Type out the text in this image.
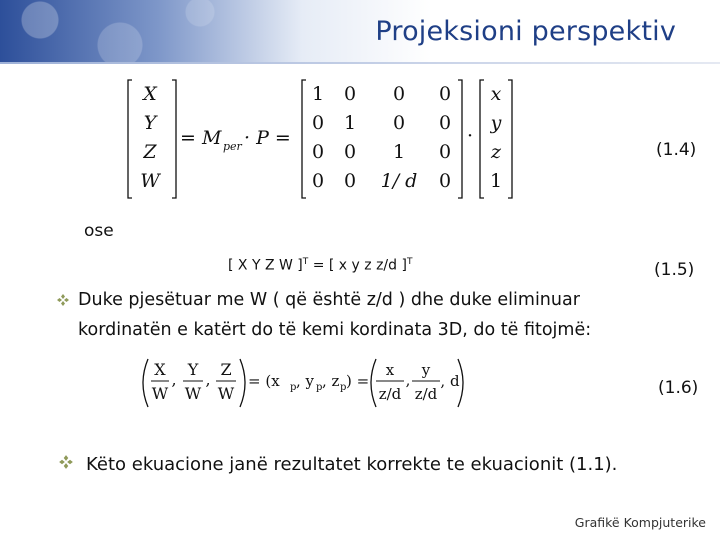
Projeksioni perspektiv
X
Y
Z
W
= M per · P =
1 0 0 0
0 1 0 0
0 0 1 0
0 0 1/ d 0
·
x
y
z
1
(1.4)
ose
[ X Y Z W ]$^T$ = [ x y z z/d ]$^T$	(1.5)
Duke pjesëtuar me W ( që është z/d ) dhe duke eliminuar
kordinatën e katërt do të kemi kordinata 3D, do të fitojmë:
X
W
,
Y
W
,
Z
W
= (x p , y p , z p ) =
x
z/d
,
y
z/d
, d	(1.6)
Këto ekuacione janë rezultatet korrekte te ekuacionit (1.1).
Grafikë Kompjuterike
